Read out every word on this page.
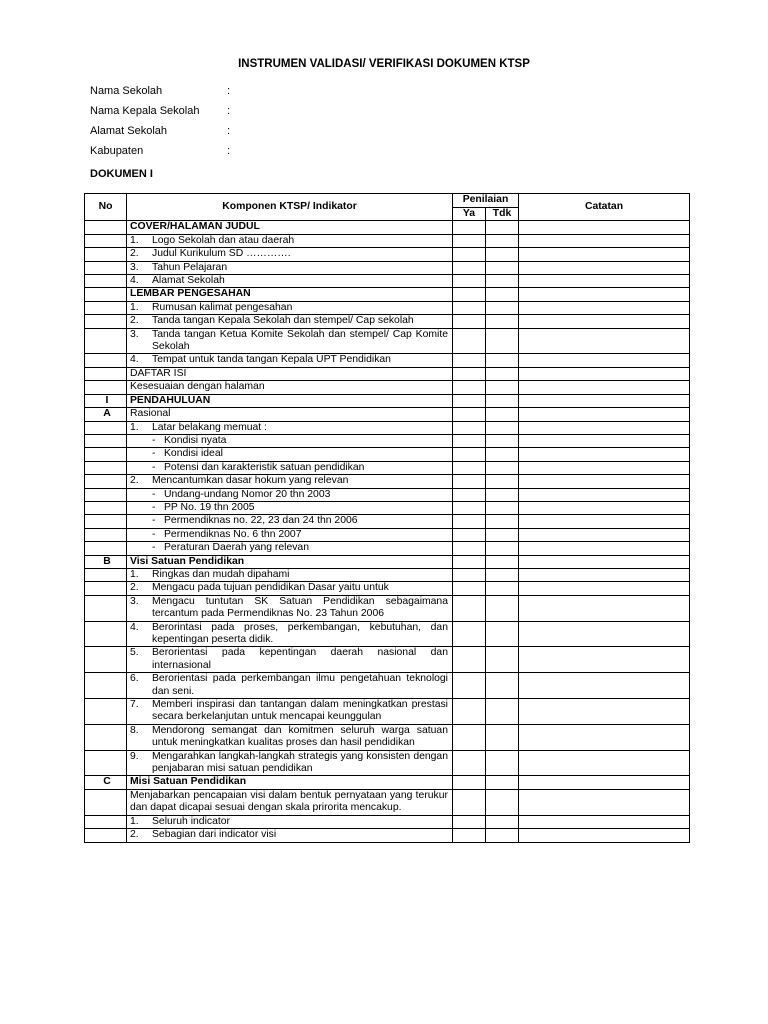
INSTRUMEN VALIDASI/ VERIFIKASI DOKUMEN KTSP
Nama Sekolah	:
Nama Kepala Sekolah	:
Alamat Sekolah	:
Kabupaten	:
DOKUMEN I
No	Komponen KTSP/ Indikator	Penilaian		Catatan
		Ya	Tdk	
	COVER/HALAMAN JUDUL			

	1. Logo Sekolah dan atau daerah			

	2. Judul Kurikulum SD ………….			

	3. Tahun Pelajaran			

	4. Alamat Sekolah			

	LEMBAR PENGESAHAN			

	1. Rumusan kalimat pengesahan			

	2. Tanda tangan Kepala Sekolah dan stempel/ Cap sekolah			

	3. Tanda tangan Ketua Komite Sekolah dan stempel/ Cap Komite Sekolah			

	4. Tempat untuk tanda tangan Kepala UPT Pendidikan			

	DAFTAR ISI			
	Kesesuaian dengan halaman			
I	PENDAHULUAN			
A	Rasional			

	1. Latar belakang memuat :			

	- Kondisi nyata			

	- Kondisi ideal			

	- Potensi dan karakteristik satuan pendidikan			

	2. Mencantumkan dasar hokum yang relevan			

	- Undang-undang Nomor 20 thn 2003			

	- PP No. 19 thn 2005			

	- Permendiknas no. 22, 23 dan 24 thn 2006			

	- Permendiknas No. 6 thn 2007			

	- Peraturan Daerah yang relevan			

B	Visi Satuan Pendidikan			

	1. Ringkas dan mudah dipahami			

	2. Mengacu pada tujuan pendidikan Dasar yaitu untuk			

	3. Mengacu tuntutan SK Satuan Pendidikan sebagaimana tercantum pada Permendiknas No. 23 Tahun 2006			

	4. Berorintasi pada proses, perkembangan, kebutuhan, dan kepentingan peserta didik.			

	5. Berorientasi pada kepentingan daerah nasional dan internasional			

	6. Berorientasi pada perkembangan ilmu pengetahuan teknologi dan seni.			

	7. Memberi inspirasi dan tantangan dalam meningkatkan prestasi secara berkelanjutan untuk mencapai keunggulan			

	8. Mendorong semangat dan komitmen seluruh warga satuan untuk meningkatkan kualitas proses dan hasil pendidikan			

	9. Mengarahkan langkah-langkah strategis yang konsisten dengan penjabaran misi satuan pendidikan			

C	Misi Satuan Pendidikan			

	Menjabarkan pencapaian visi dalam bentuk pernyataan yang terukur dan dapat dicapai sesuai dengan skala prirorita mencakup.			

	1. Seluruh indicator			

	2. Sebagian dari indicator visi			
